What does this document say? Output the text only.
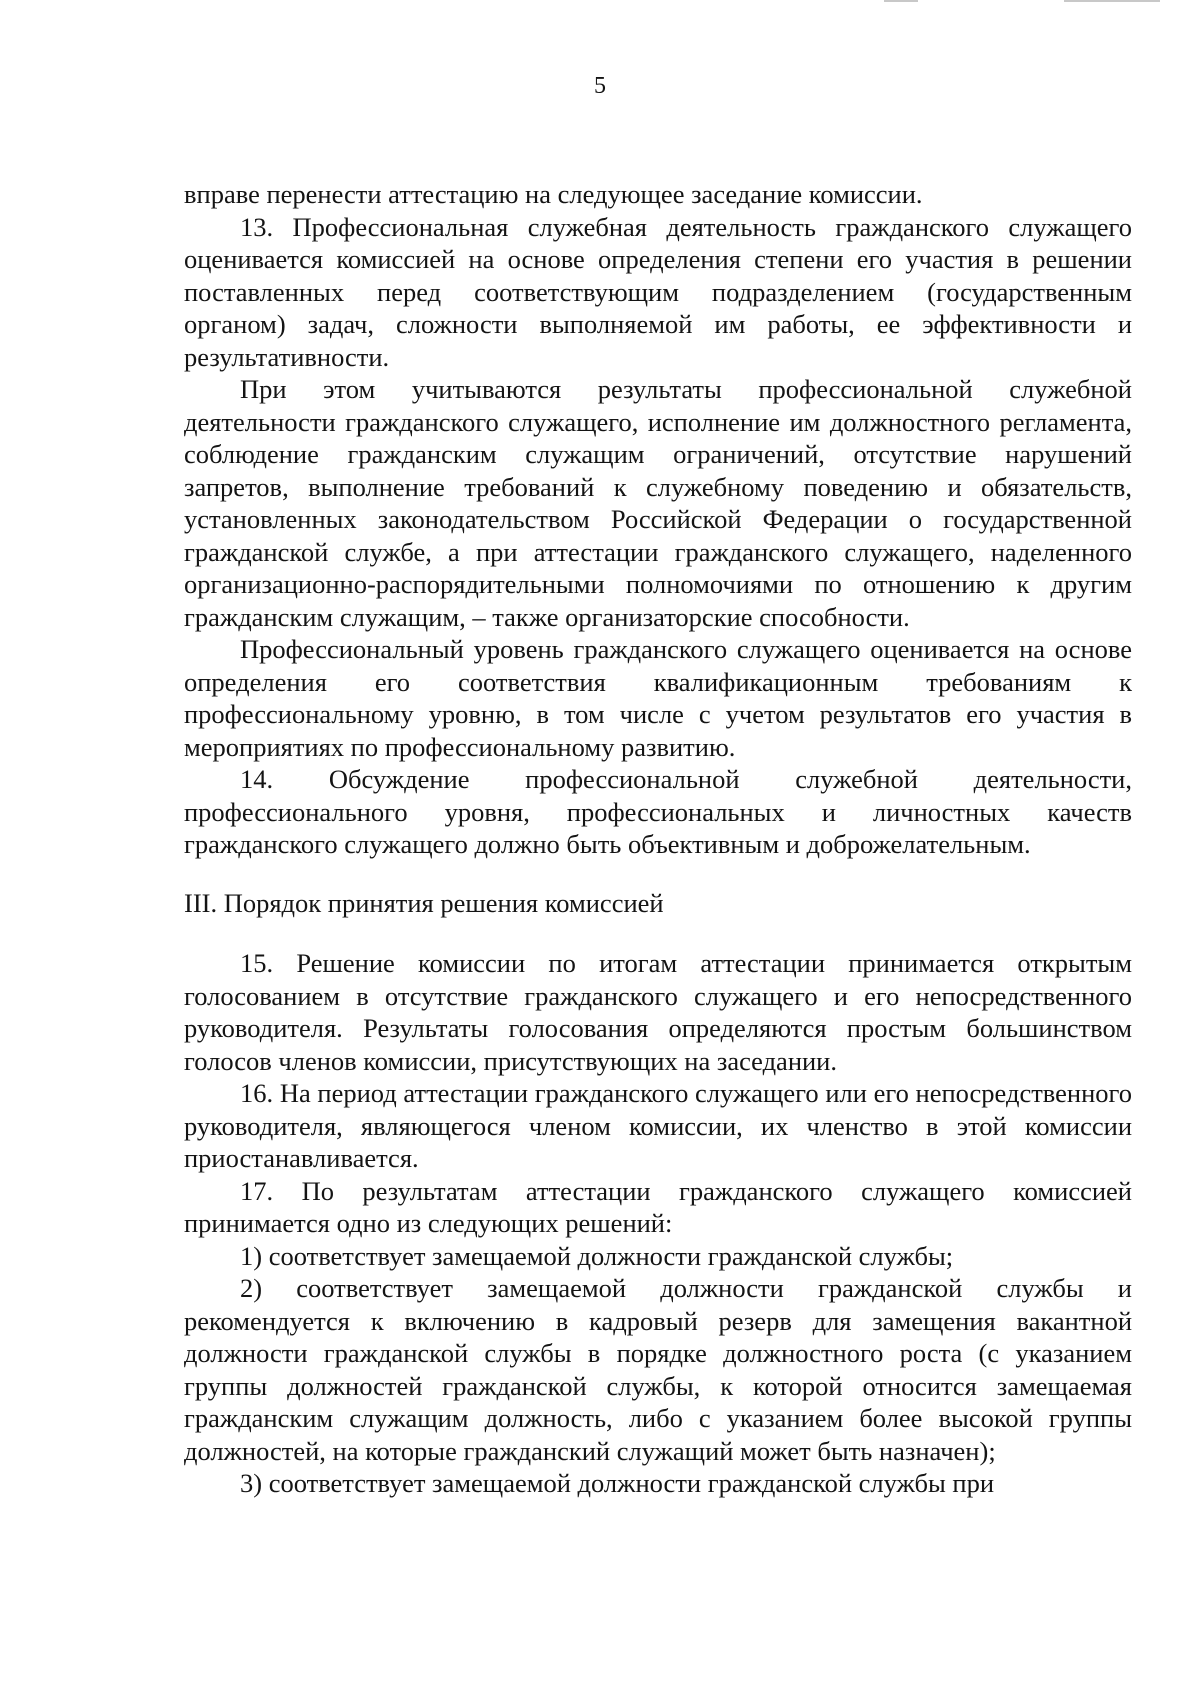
5

вправе перенести аттестацию на следующее заседание комиссии.

13. Профессиональная служебная деятельность гражданского служащего оценивается комиссией на основе определения степени его участия в решении поставленных перед соответствующим подразделением (государственным органом) задач, сложности выполняемой им работы, ее эффективности и результативности.

При этом учитываются результаты профессиональной служебной деятельности гражданского служащего, исполнение им должностного регламента, соблюдение гражданским служащим ограничений, отсутствие нарушений запретов, выполнение требований к служебному поведению и обязательств, установленных законодательством Российской Федерации о государственной гражданской службе, а при аттестации гражданского служащего, наделенного организационно-распорядительными полномочиями по отношению к другим гражданским служащим, – также организаторские способности.

Профессиональный уровень гражданского служащего оценивается на основе определения его соответствия квалификационным требованиям к профессиональному уровню, в том числе с учетом результатов его участия в мероприятиях по профессиональному развитию.

14. Обсуждение профессиональной служебной деятельности, профессионального уровня, профессиональных и личностных качеств гражданского служащего должно быть объективным и доброжелательным.

III. Порядок принятия решения комиссией

15. Решение комиссии по итогам аттестации принимается открытым голосованием в отсутствие гражданского служащего и его непосредственного руководителя. Результаты голосования определяются простым большинством голосов членов комиссии, присутствующих на заседании.

16. На период аттестации гражданского служащего или его непосредственного руководителя, являющегося членом комиссии, их членство в этой комиссии приостанавливается.

17. По результатам аттестации гражданского служащего комиссией принимается одно из следующих решений:

1) соответствует замещаемой должности гражданской службы;

2) соответствует замещаемой должности гражданской службы и рекомендуется к включению в кадровый резерв для замещения вакантной должности гражданской службы в порядке должностного роста (с указанием группы должностей гражданской службы, к которой относится замещаемая гражданским служащим должность, либо с указанием более высокой группы должностей, на которые гражданский служащий может быть назначен);

3) соответствует замещаемой должности гражданской службы при
